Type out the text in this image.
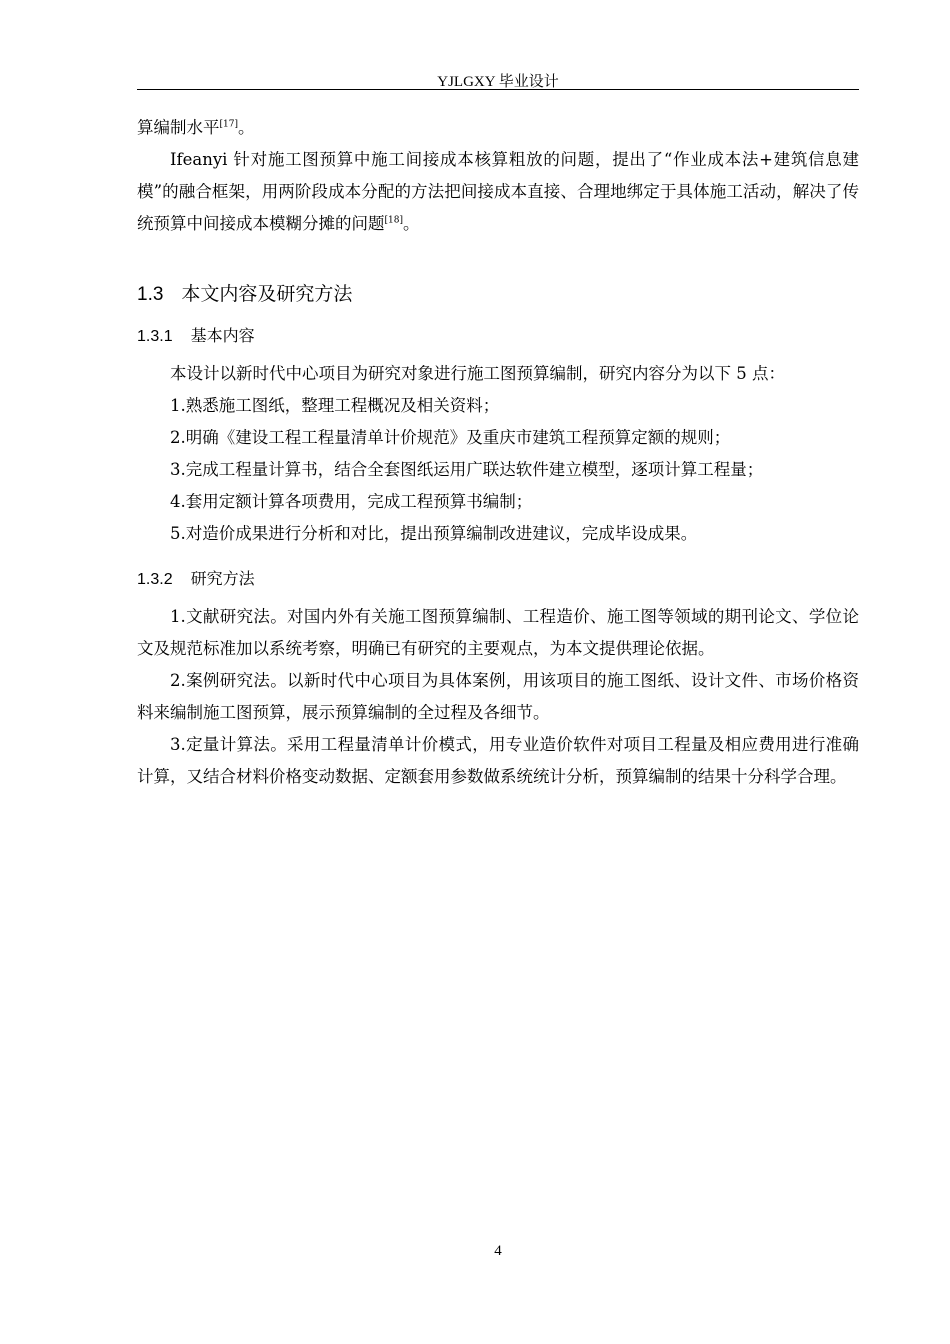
YJLGXY 毕业设计

算编制水平[17]。

Ifeanyi 针对施工图预算中施工间接成本核算粗放的问题，提出了“作业成本法+建筑信息建模”的融合框架，用两阶段成本分配的方法把间接成本直接、合理地绑定于具体施工活动，解决了传统预算中间接成本模糊分摊的问题[18]。

1.3 本文内容及研究方法
1.3.1 基本内容

本设计以新时代中心项目为研究对象进行施工图预算编制，研究内容分为以下 5 点：

1.熟悉施工图纸，整理工程概况及相关资料；

2.明确《建设工程工程量清单计价规范》及重庆市建筑工程预算定额的规则；

3.完成工程量计算书，结合全套图纸运用广联达软件建立模型，逐项计算工程量；

4.套用定额计算各项费用，完成工程预算书编制；

5.对造价成果进行分析和对比，提出预算编制改进建议，完成毕设成果。

1.3.2 研究方法

1.文献研究法。对国内外有关施工图预算编制、工程造价、施工图等领域的期刊论文、学位论文及规范标准加以系统考察，明确已有研究的主要观点，为本文提供理论依据。

2.案例研究法。以新时代中心项目为具体案例，用该项目的施工图纸、设计文件、市场价格资料来编制施工图预算，展示预算编制的全过程及各细节。

3.定量计算法。采用工程量清单计价模式，用专业造价软件对项目工程量及相应费用进行准确计算，又结合材料价格变动数据、定额套用参数做系统统计分析，预算编制的结果十分科学合理。

4
